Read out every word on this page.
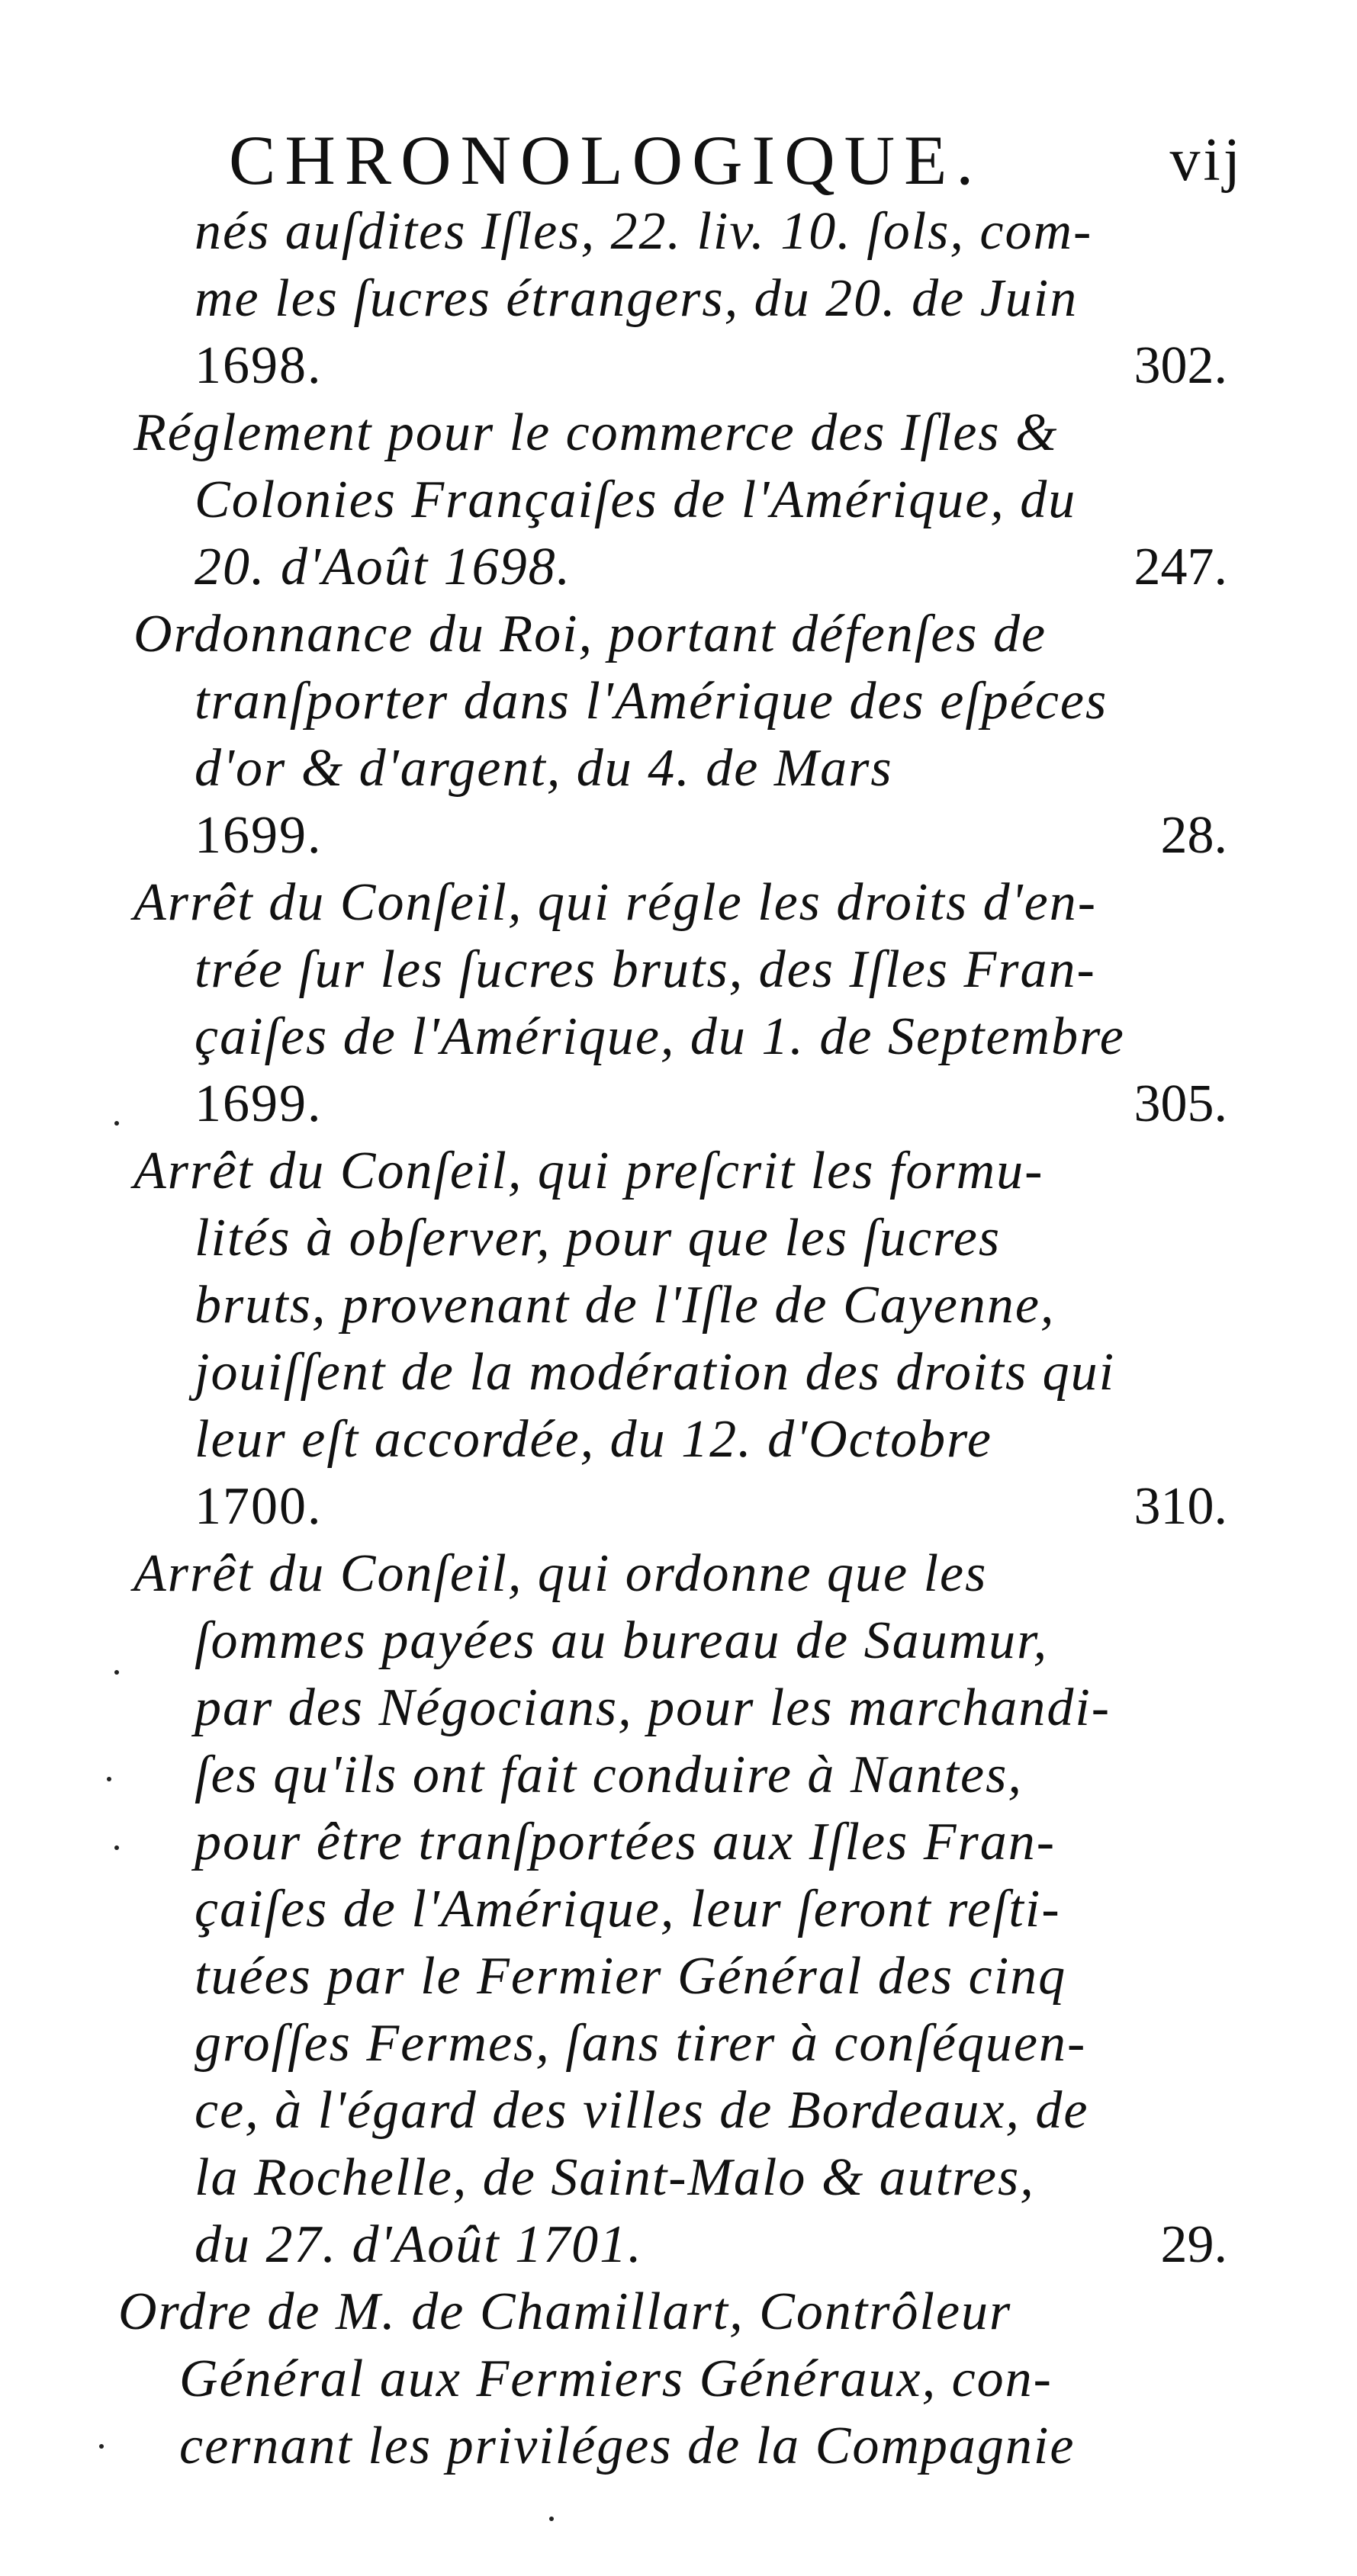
CHRONOLOGIQUE.	vij
nés auſdites Iſles, 22. liv. 10. ſols, com-
me les ſucres étrangers, du 20. de Juin
1698.	302.
Réglement pour le commerce des Iſles &
Colonies Françaiſes de l'Amérique, du
20. d'Août 1698.	247.
Ordonnance du Roi, portant défenſes de
tranſporter dans l'Amérique des eſpéces
d'or & d'argent, du 4. de Mars
1699.	28.
Arrêt du Conſeil, qui régle les droits d'en-
trée ſur les ſucres bruts, des Iſles Fran-
çaiſes de l'Amérique, du 1. de Septembre
1699.	305.
Arrêt du Conſeil, qui preſcrit les formu-
lités à obſerver, pour que les ſucres
bruts, provenant de l'Iſle de Cayenne,
jouiſſent de la modération des droits qui
leur eſt accordée, du 12. d'Octobre
1700.	310.
Arrêt du Conſeil, qui ordonne que les
ſommes payées au bureau de Saumur,
par des Négocians, pour les marchandi-
ſes qu'ils ont fait conduire à Nantes,
pour être tranſportées aux Iſles Fran-
çaiſes de l'Amérique, leur ſeront reſti-
tuées par le Fermier Général des cinq
groſſes Fermes, ſans tirer à conſéquen-
ce, à l'égard des villes de Bordeaux, de
la Rochelle, de Saint-Malo & autres,
du 27. d'Août 1701.	29.
Ordre de M. de Chamillart, Contrôleur
Général aux Fermiers Généraux, con-
cernant les priviléges de la Compagnie
